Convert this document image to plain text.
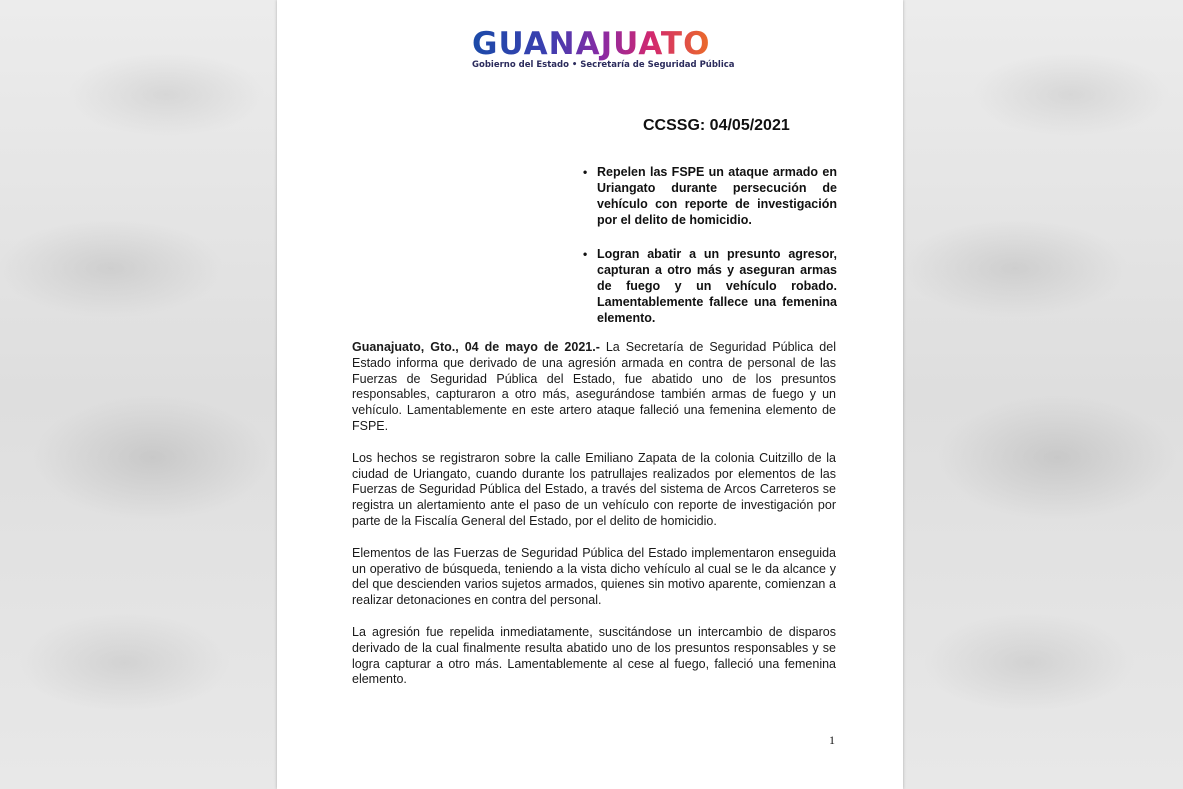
GUANAJUATO
Gobierno del Estado • Secretaría de Seguridad Pública
CCSSG: 04/05/2021
• Repelen las FSPE un ataque armado en Uriangato durante persecución de vehículo con reporte de investigación por el delito de homicidio.
• Logran abatir a un presunto agresor, capturan a otro más y aseguran armas de fuego y un vehículo robado. Lamentablemente fallece una femenina elemento.

Guanajuato, Gto., 04 de mayo de 2021.- La Secretaría de Seguridad Pública del Estado informa que derivado de una agresión armada en contra de personal de las Fuerzas de Seguridad Pública del Estado, fue abatido uno de los presuntos responsables, capturaron a otro más, asegurándose también armas de fuego y un vehículo. Lamentablemente en este artero ataque falleció una femenina elemento de FSPE.

Los hechos se registraron sobre la calle Emiliano Zapata de la colonia Cuitzillo de la ciudad de Uriangato, cuando durante los patrullajes realizados por elementos de las Fuerzas de Seguridad Pública del Estado, a través del sistema de Arcos Carreteros se registra un alertamiento ante el paso de un vehículo con reporte de investigación por parte de la Fiscalía General del Estado, por el delito de homicidio.

Elementos de las Fuerzas de Seguridad Pública del Estado implementaron enseguida un operativo de búsqueda, teniendo a la vista dicho vehículo al cual se le da alcance y del que descienden varios sujetos armados, quienes sin motivo aparente, comienzan a realizar detonaciones en contra del personal.

La agresión fue repelida inmediatamente, suscitándose un intercambio de disparos derivado de la cual finalmente resulta abatido uno de los presuntos responsables y se logra capturar a otro más. Lamentablemente al cese al fuego, falleció una femenina elemento.

1
